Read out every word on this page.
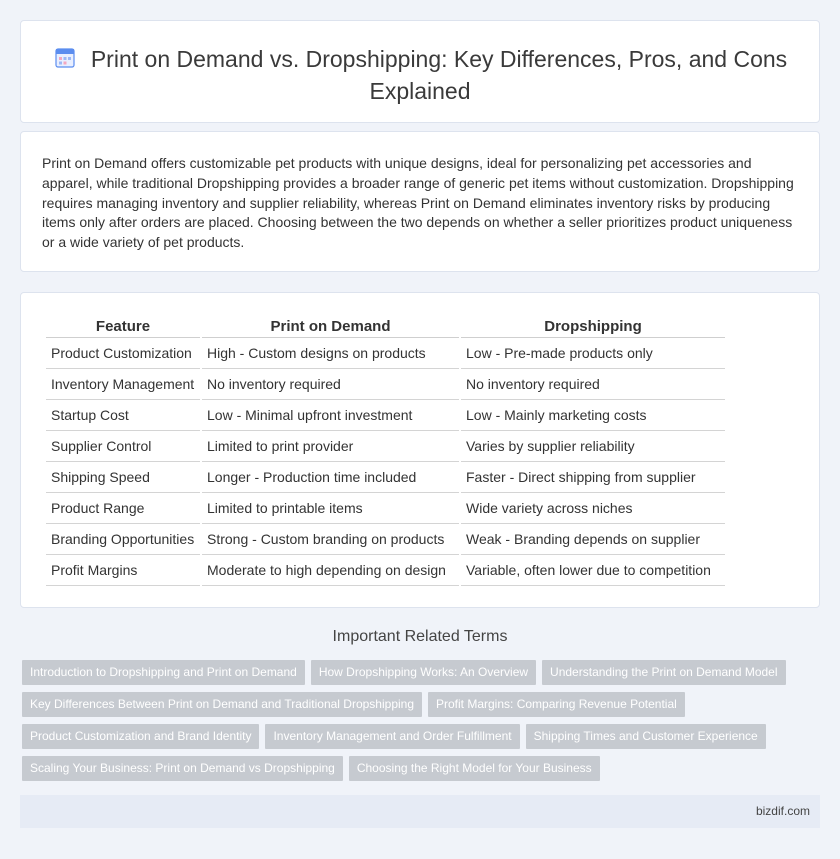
Print on Demand vs. Dropshipping: Key Differences, Pros, and Cons Explained

Print on Demand offers customizable pet products with unique designs, ideal for personalizing pet accessories and apparel, while traditional Dropshipping provides a broader range of generic pet items without customization. Dropshipping requires managing inventory and supplier reliability, whereas Print on Demand eliminates inventory risks by producing items only after orders are placed. Choosing between the two depends on whether a seller prioritizes product uniqueness or a wide variety of pet products.

Feature	Print on Demand	Dropshipping
Product Customization	High - Custom designs on products	Low - Pre-made products only
Inventory Management	No inventory required	No inventory required
Startup Cost	Low - Minimal upfront investment	Low - Mainly marketing costs
Supplier Control	Limited to print provider	Varies by supplier reliability
Shipping Speed	Longer - Production time included	Faster - Direct shipping from supplier
Product Range	Limited to printable items	Wide variety across niches
Branding Opportunities	Strong - Custom branding on products	Weak - Branding depends on supplier
Profit Margins	Moderate to high depending on design	Variable, often lower due to competition
Important Related Terms
Introduction to Dropshipping and Print on Demand How Dropshipping Works: An Overview Understanding the Print on Demand ModelKey Differences Between Print on Demand and Traditional Dropshipping Profit Margins: Comparing Revenue PotentialProduct Customization and Brand Identity Inventory Management and Order Fulfillment Shipping Times and Customer ExperienceScaling Your Business: Print on Demand vs Dropshipping Choosing the Right Model for Your Business
bizdif.com
